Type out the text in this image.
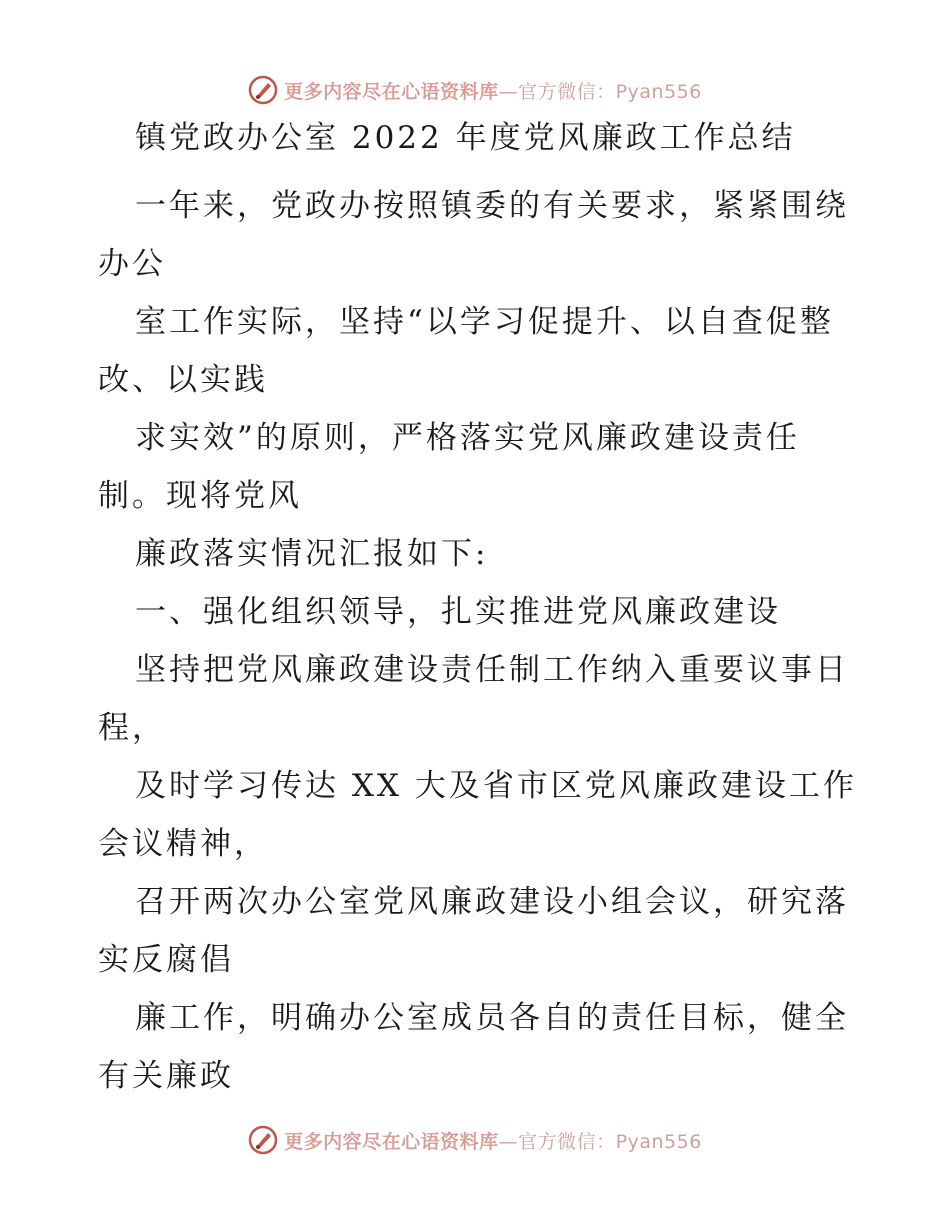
更多内容尽在心语资料库—官方微信：Pyan556
镇党政办公室 2022 年度党风廉政工作总结
一年来，党政办按照镇委的有关要求，紧紧围绕
办公
室工作实际，坚持“以学习促提升、以自查促整
改、以实践
求实效”的原则，严格落实党风廉政建设责任
制。现将党风
廉政落实情况汇报如下:
一、强化组织领导，扎实推进党风廉政建设
坚持把党风廉政建设责任制工作纳入重要议事日
程，
及时学习传达 XX 大及省市区党风廉政建设工作
会议精神，
召开两次办公室党风廉政建设小组会议，研究落
实反腐倡
廉工作，明确办公室成员各自的责任目标，健全
有关廉政
更多内容尽在心语资料库—官方微信：Pyan556
